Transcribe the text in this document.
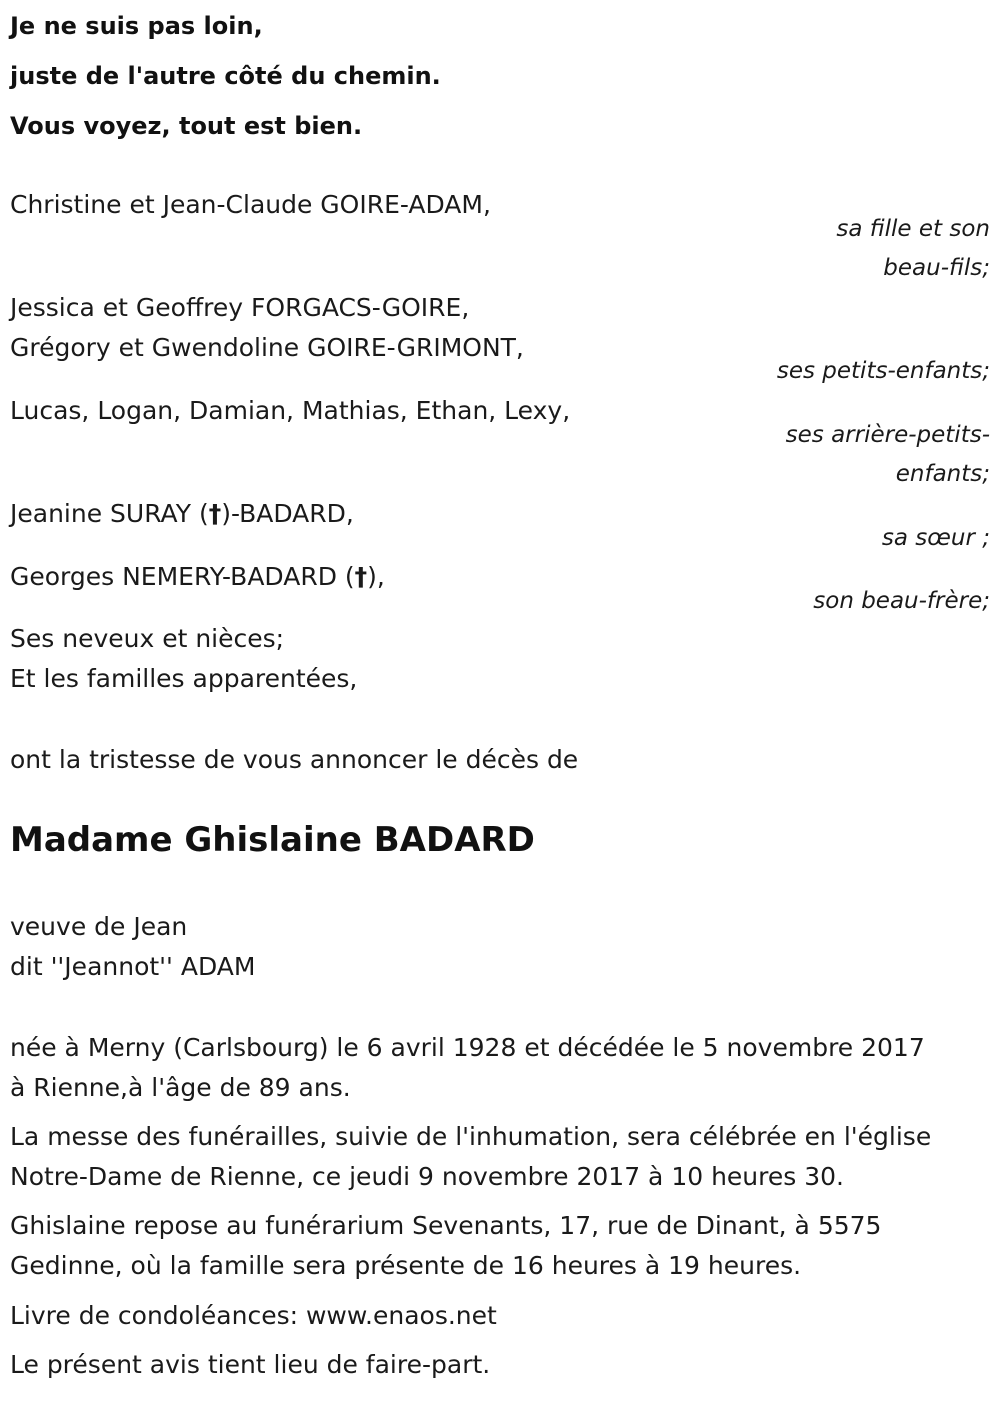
Je ne suis pas loin,

juste de l'autre côté du chemin.

Vous voyez, tout est bien.

Christine et Jean-Claude GOIRE-ADAM,

sa fille et son

beau-fils;

Jessica et Geoffrey FORGACS-GOIRE,

Grégory et Gwendoline GOIRE-GRIMONT,

ses petits-enfants;

Lucas, Logan, Damian, Mathias, Ethan, Lexy,

ses arrière-petits-

enfants;

Jeanine SURAY (†)-BADARD,

sa sœur ;

Georges NEMERY-BADARD (†),

son beau-frère;

Ses neveux et nièces;

Et les familles apparentées,

ont la tristesse de vous annoncer le décès de

Madame Ghislaine BADARD

veuve de Jean

dit ''Jeannot'' ADAM

née à Merny (Carlsbourg) le 6 avril 1928 et décédée le 5 novembre 2017

à Rienne,à l'âge de 89 ans.

La messe des funérailles, suivie de l'inhumation, sera célébrée en l'église

Notre-Dame de Rienne, ce jeudi 9 novembre 2017 à 10 heures 30.

Ghislaine repose au funérarium Sevenants, 17, rue de Dinant, à 5575

Gedinne, où la famille sera présente de 16 heures à 19 heures.

Livre de condoléances: www.enaos.net

Le présent avis tient lieu de faire-part.
